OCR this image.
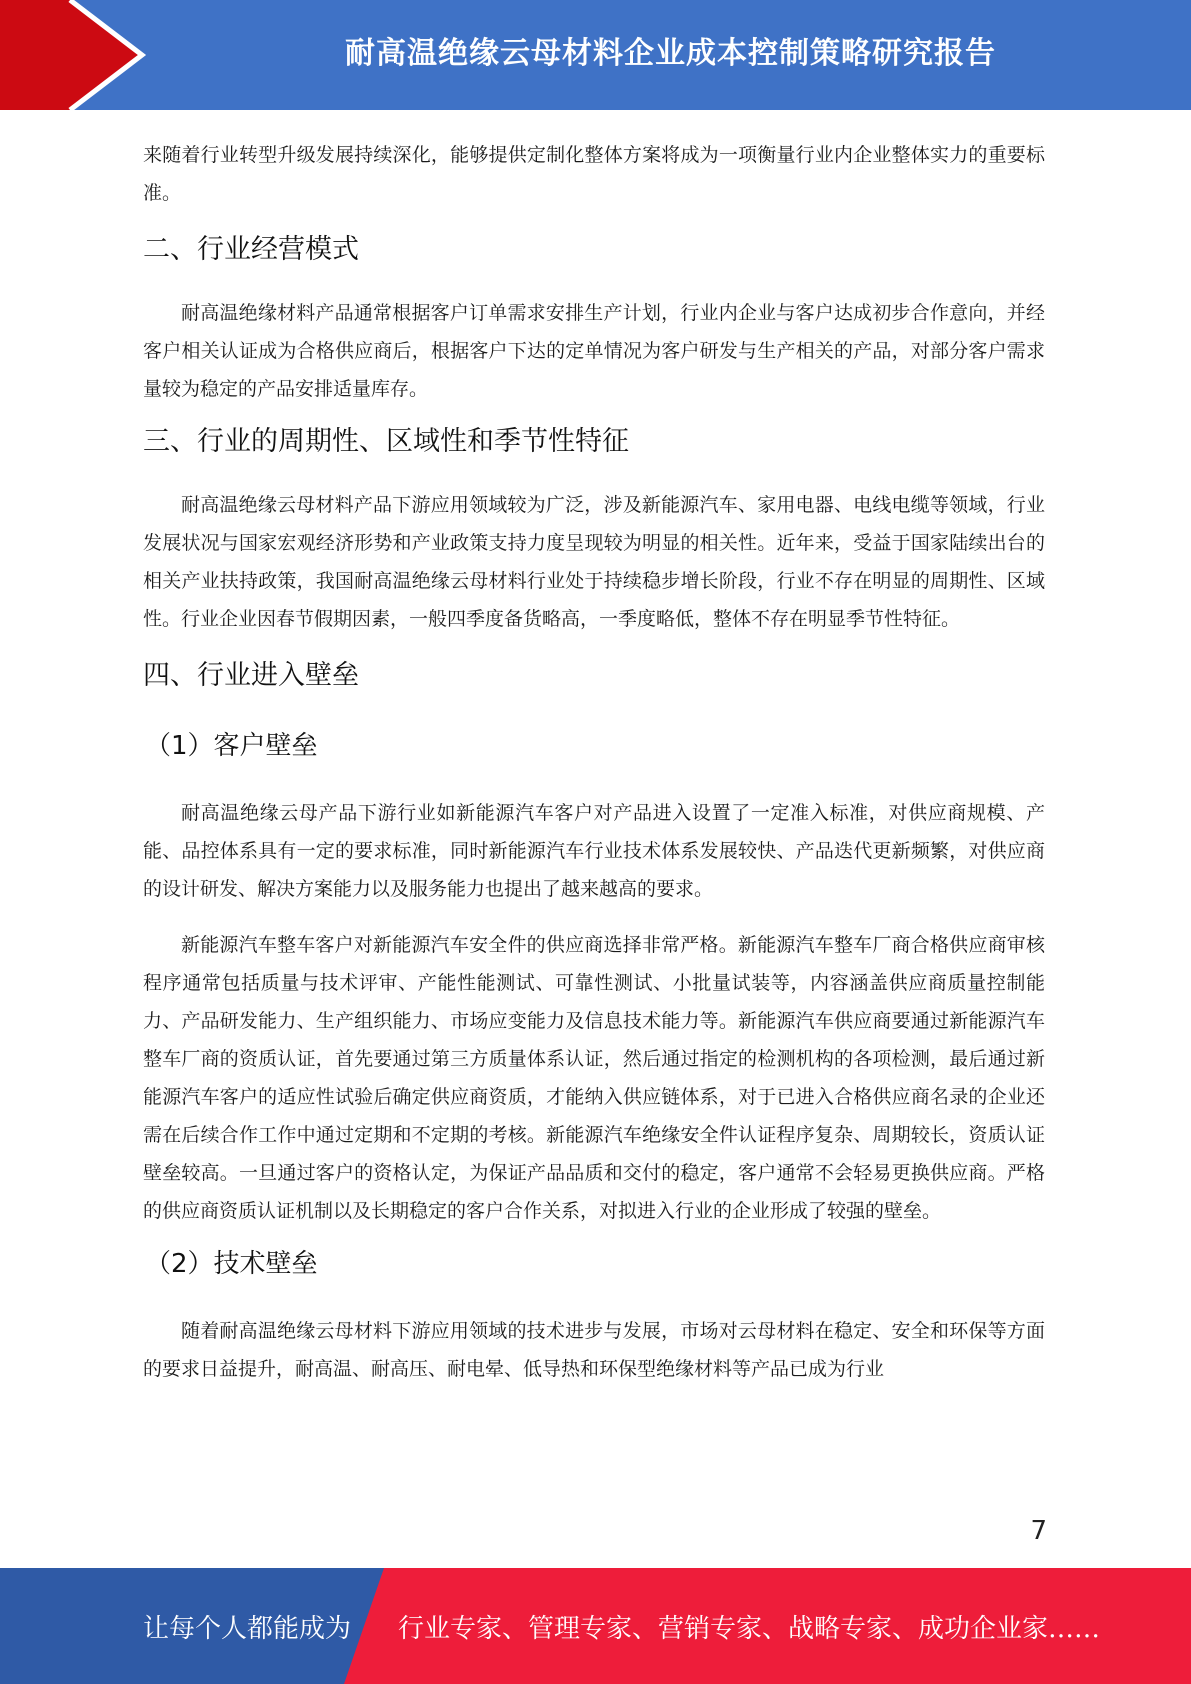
耐高温绝缘云母材料企业成本控制策略研究报告

来随着行业转型升级发展持续深化，能够提供定制化整体方案将成为一项衡量行业内企业整体实力的重要标准。

二、行业经营模式

耐高温绝缘材料产品通常根据客户订单需求安排生产计划，行业内企业与客户达成初步合作意向，并经客户相关认证成为合格供应商后，根据客户下达的定单情况为客户研发与生产相关的产品，对部分客户需求量较为稳定的产品安排适量库存。

三、行业的周期性、区域性和季节性特征

耐高温绝缘云母材料产品下游应用领域较为广泛，涉及新能源汽车、家用电器、电线电缆等领域，行业发展状况与国家宏观经济形势和产业政策支持力度呈现较为明显的相关性。近年来，受益于国家陆续出台的相关产业扶持政策，我国耐高温绝缘云母材料行业处于持续稳步增长阶段，行业不存在明显的周期性、区域性。行业企业因春节假期因素，一般四季度备货略高，一季度略低，整体不存在明显季节性特征。

四、行业进入壁垒
（1）客户壁垒

耐高温绝缘云母产品下游行业如新能源汽车客户对产品进入设置了一定准入标准，对供应商规模、产能、品控体系具有一定的要求标准，同时新能源汽车行业技术体系发展较快、产品迭代更新频繁，对供应商的设计研发、解决方案能力以及服务能力也提出了越来越高的要求。

新能源汽车整车客户对新能源汽车安全件的供应商选择非常严格。新能源汽车整车厂商合格供应商审核程序通常包括质量与技术评审、产能性能测试、可靠性测试、小批量试装等，内容涵盖供应商质量控制能力、产品研发能力、生产组织能力、市场应变能力及信息技术能力等。新能源汽车供应商要通过新能源汽车整车厂商的资质认证，首先要通过第三方质量体系认证，然后通过指定的检测机构的各项检测，最后通过新能源汽车客户的适应性试验后确定供应商资质，才能纳入供应链体系，对于已进入合格供应商名录的企业还需在后续合作工作中通过定期和不定期的考核。新能源汽车绝缘安全件认证程序复杂、周期较长，资质认证壁垒较高。一旦通过客户的资格认定，为保证产品品质和交付的稳定，客户通常不会轻易更换供应商。严格的供应商资质认证机制以及长期稳定的客户合作关系，对拟进入行业的企业形成了较强的壁垒。

（2）技术壁垒

随着耐高温绝缘云母材料下游应用领域的技术进步与发展，市场对云母材料在稳定、安全和环保等方面的要求日益提升，耐高温、耐高压、耐电晕、低导热和环保型绝缘材料等产品已成为行业

7
让每个人都能成为 行业专家、管理专家、营销专家、战略专家、成功企业家……
